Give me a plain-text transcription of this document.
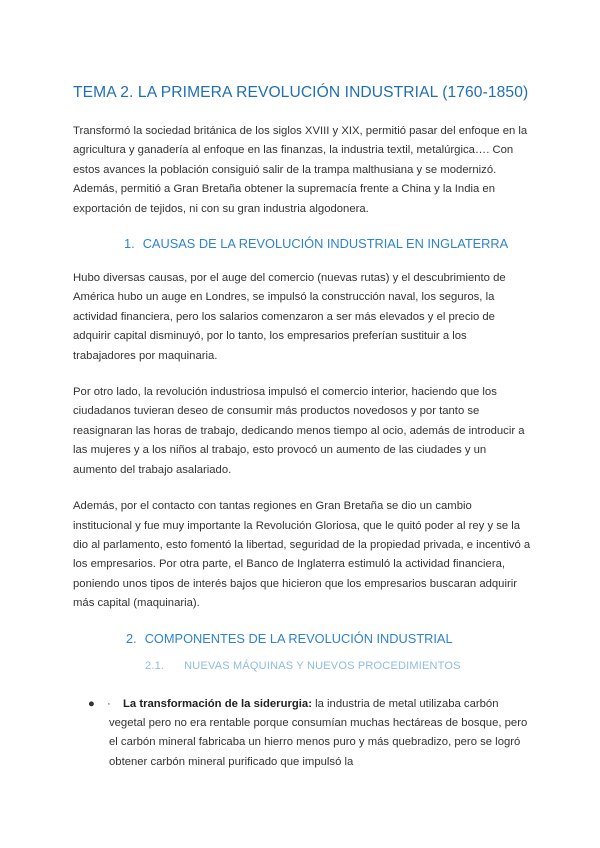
TEMA 2. LA PRIMERA REVOLUCIÓN INDUSTRIAL (1760-1850)

Transformó la sociedad británica de los siglos XVIII y XIX, permitió pasar del enfoque en la agricultura y ganadería al enfoque en las finanzas, la industria textil, metalúrgica…. Con estos avances la población consiguió salir de la trampa malthusiana y se modernizó. Además, permitió a Gran Bretaña obtener la supremacía frente a China y la India en exportación de tejidos, ni con su gran industria algodonera.

1. CAUSAS DE LA REVOLUCIÓN INDUSTRIAL EN INGLATERRA

Hubo diversas causas, por el auge del comercio (nuevas rutas) y el descubrimiento de América hubo un auge en Londres, se impulsó la construcción naval, los seguros, la actividad financiera, pero los salarios comenzaron a ser más elevados y el precio de adquirir capital disminuyó, por lo tanto, los empresarios preferían sustituir a los trabajadores por maquinaria.

Por otro lado, la revolución industriosa impulsó el comercio interior, haciendo que los ciudadanos tuvieran deseo de consumir más productos novedosos y por tanto se reasignaran las horas de trabajo, dedicando menos tiempo al ocio, además de introducir a las mujeres y a los niños al trabajo, esto provocó un aumento de las ciudades y un aumento del trabajo asalariado.

Además, por el contacto con tantas regiones en Gran Bretaña se dio un cambio institucional y fue muy importante la Revolución Gloriosa, que le quitó poder al rey y se la dio al parlamento, esto fomentó la libertad, seguridad de la propiedad privada, e incentivó a los empresarios. Por otra parte, el Banco de Inglaterra estimuló la actividad financiera, poniendo unos tipos de interés bajos que hicieron que los empresarios buscaran adquirir más capital (maquinaria).

2. COMPONENTES DE LA REVOLUCIÓN INDUSTRIAL
2.1. NUEVAS MÁQUINAS Y NUEVOS PROCEDIMIENTOS
● · La transformación de la siderurgia: la industria de metal utilizaba carbón vegetal pero no era rentable porque consumían muchas hectáreas de bosque, pero el carbón mineral fabricaba un hierro menos puro y más quebradizo, pero se logró obtener carbón mineral purificado que impulsó la
